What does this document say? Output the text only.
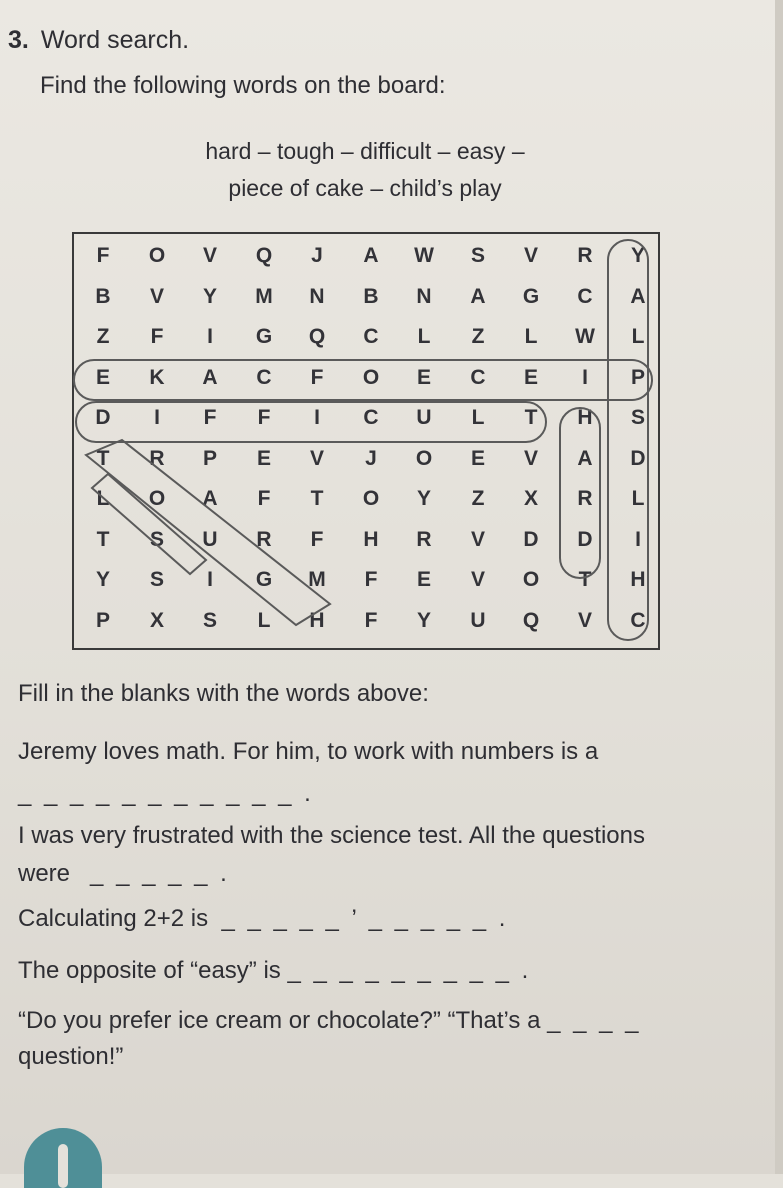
3. Word search.
Find the following words on the board:
hard – tough – difficult – easy –
piece of cake – child’s play
F	O	V	Q	J	A	W	S	V	R	Y
B	V	Y	M	N	B	N	A	G	C	A
Z	F	I	G	Q	C	L	Z	L	W	L
E	K	A	C	F	O	E	C	E	I	P
D	I	F	F	I	C	U	L	T	H	S
T	R	P	E	V	J	O	E	V	A	D
L	O	A	F	T	O	Y	Z	X	R	L
T	S	U	R	F	H	R	V	D	D	I
Y	S	I	G	M	F	E	V	O	T	H
P	X	S	L	H	F	Y	U	Q	V	C
Fill in the blanks with the words above:
Jeremy loves math. For him, to work with numbers is a
_ _ _ _ _ _ _ _ _ _ _ .
I was very frustrated with the science test. All the questions
were _ _ _ _ _ .
Calculating 2+2 is _ _ _ _ _ ’ _ _ _ _ _ .
The opposite of “easy” is _ _ _ _ _ _ _ _ _ .
“Do you prefer ice cream or chocolate?” “That’s a _ _ _ _
question!”
